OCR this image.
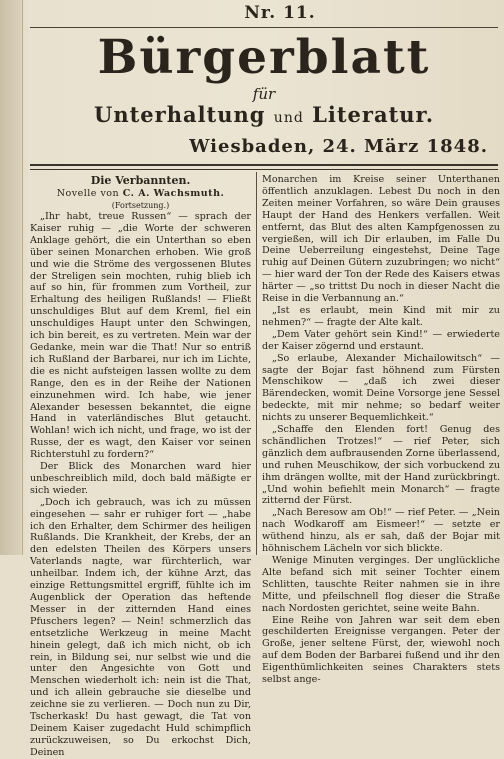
Nr. 11.
Bürgerblatt
für
Unterhaltung und Literatur.
Wiesbaden, 24. März 1848.
Die Verbannten.
Novelle von C. A. Wachsmuth.
(Fortsetzung.)

„Ihr habt, treue Russen“ — sprach der Kaiser ruhig — „die Worte der schweren Anklage gehört, die ein Unterthan so eben über seinen Monarchen erhoben. Wie groß und wie die Ströme des vergossenen Blutes der Streligen sein mochten, ruhig blieb ich auf so hin, für frommen zum Vortheil, zur Erhaltung des heiligen Rußlands! — Fließt unschuldiges Blut auf dem Kreml, fiel ein unschuldiges Haupt unter den Schwingen, ich bin bereit, es zu vertreten. Mein war der Gedanke, mein war die That! Nur so entriß ich Rußland der Barbarei, nur ich im Lichte, die es nicht aufsteigen lassen wollte zu dem Range, den es in der Reihe der Nationen einzunehmen wird. Ich habe, wie jener Alexander besessen bekanntet, die eigne Hand in vaterländisches Blut getaucht. Wohlan! wich ich nicht, und frage, wo ist der Russe, der es wagt, den Kaiser vor seinen Richterstuhl zu fordern?“

Der Blick des Monarchen ward hier unbeschreiblich mild, doch bald mäßigte er sich wieder.

„Doch ich gebrauch, was ich zu müssen eingesehen — sahr er ruhiger fort — „habe ich den Erhalter, dem Schirmer des heiligen Rußlands. Die Krankheit, der Krebs, der an den edelsten Theilen des Körpers unsers Vaterlands nagte, war fürchterlich, war unheilbar. Indem ich, der kühne Arzt, das einzige Rettungsmittel ergriff, fühlte ich im Augenblick der Operation das heftende Messer in der zitternden Hand eines Pfuschers legen? — Nein! schmerzlich das entsetzliche Werkzeug in meine Macht hinein gelegt, daß ich mich nicht, ob ich rein, in Bildung sei, nur selbst wie und die unter den Angesichte von Gott und Menschen wiederholt ich: nein ist die That, und ich allein gebrauche sie dieselbe und zeichne sie zu verlieren. — Doch nun zu Dir, Tscherkask! Du hast gewagt, die Tat von Deinem Kaiser zugedacht Huld schimpflich zurückzuweisen, so Du erkochst Dich, Deinen

Monarchen im Kreise seiner Unterthanen öffentlich anzuklagen. Lebest Du noch in den Zeiten meiner Vorfahren, so wäre Dein grauses Haupt der Hand des Henkers verfallen. Weit entfernt, das Blut des alten Kampfgenossen zu vergießen, will ich Dir erlauben, im Falle Du Deine Ueberreilung eingestehst, Deine Tage ruhig auf Deinen Gütern zuzubringen; wo nicht“ — hier ward der Ton der Rede des Kaisers etwas härter — „so trittst Du noch in dieser Nacht die Reise in die Verbannung an.“

„Ist es erlaubt, mein Kind mit mir zu nehmen?“ — fragte der Alte kalt.

„Dem Vater gehört sein Kind!“ — erwiederte der Kaiser zögernd und erstaunt.

„So erlaube, Alexander Michailowitsch“ — sagte der Bojar fast höhnend zum Fürsten Menschikow — „daß ich zwei dieser Bärendecken, womit Deine Vorsorge jene Sessel bedeckte, mit mir nehme; so bedarf weiter nichts zu unserer Bequemlichkeit.“

„Schaffe den Elenden fort! Genug des schändlichen Trotzes!“ — rief Peter, sich gänzlich dem aufbrausenden Zorne überlassend, und ruhen Meuschikow, der sich vorbuckend zu ihm drängen wollte, mit der Hand zurückbringt. „Und wohin befiehlt mein Monarch“ — fragte zitternd der Fürst.

„Nach Beresow am Ob!“ — rief Peter. — „Nein nach Wodkaroff am Eismeer!“ — setzte er wüthend hinzu, als er sah, daß der Bojar mit höhnischem Lächeln vor sich blickte.

Wenige Minuten verginges. Der unglückliche Alte befand sich mit seiner Tochter einem Schlitten, tauschte Reiter nahmen sie in ihre Mitte, und pfeilschnell flog dieser die Straße nach Nordosten gerichtet, seine weite Bahn.

Eine Reihe von Jahren war seit dem eben geschilderten Ereignisse vergangen. Peter der Große, jener seltene Fürst, der, wiewohl noch auf dem Boden der Barbarei fußend und ihr den Eigenthümlichkeiten seines Charakters stets selbst ange-
